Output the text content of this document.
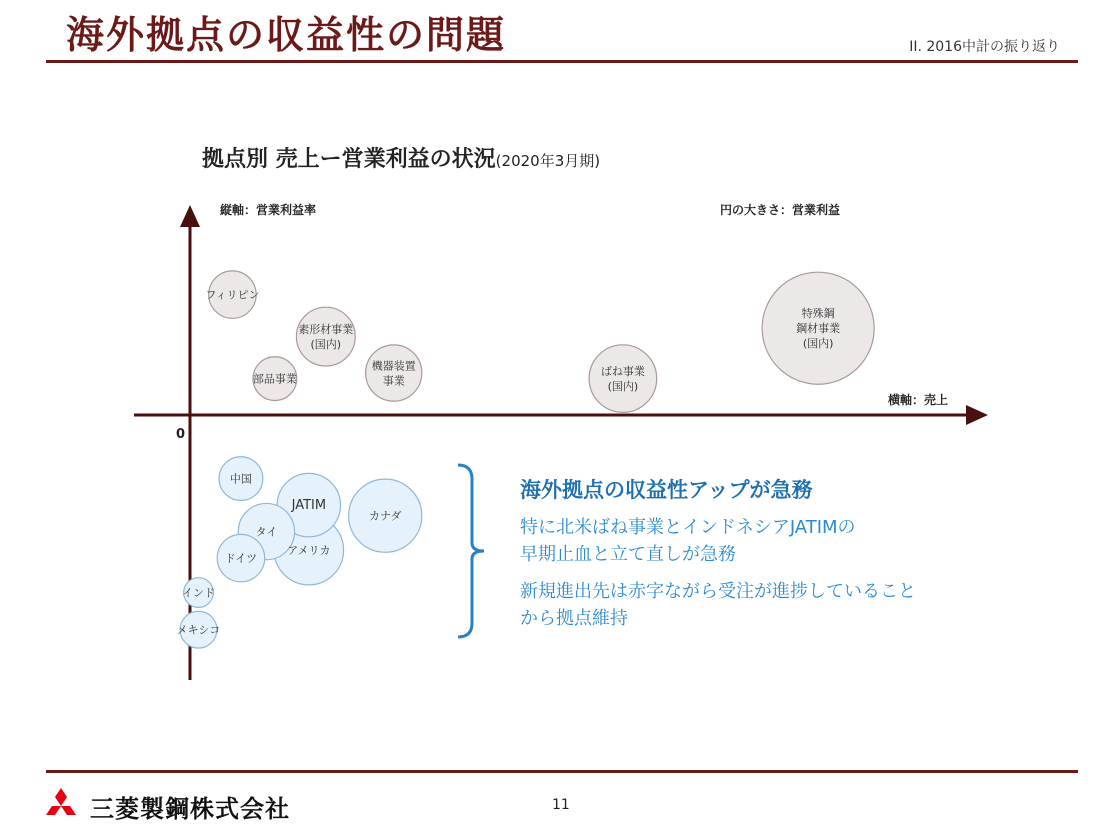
海外拠点の収益性の問題	II. 2016中計の振り返り
拠点別 売上ー営業利益の状況(2020年3月期)
縦軸：営業利益率	円の大きさ：営業利益
横軸：売上
0
特殊鋼
鋼材事業
(国内)
カナダ
アメリカ
ばね事業
(国内)
JATIM
素形材事業
(国内)
機器装置
事業
タイ
フィリピン
ドイツ
部品事業
中国
メキシコ
インド
海外拠点の収益性アップが急務
特に北米ばね事業とインドネシアJATIMの
早期止血と立て直しが急務
新規進出先は赤字ながら受注が進捗していること
から拠点維持
三菱製鋼株式会社	11
